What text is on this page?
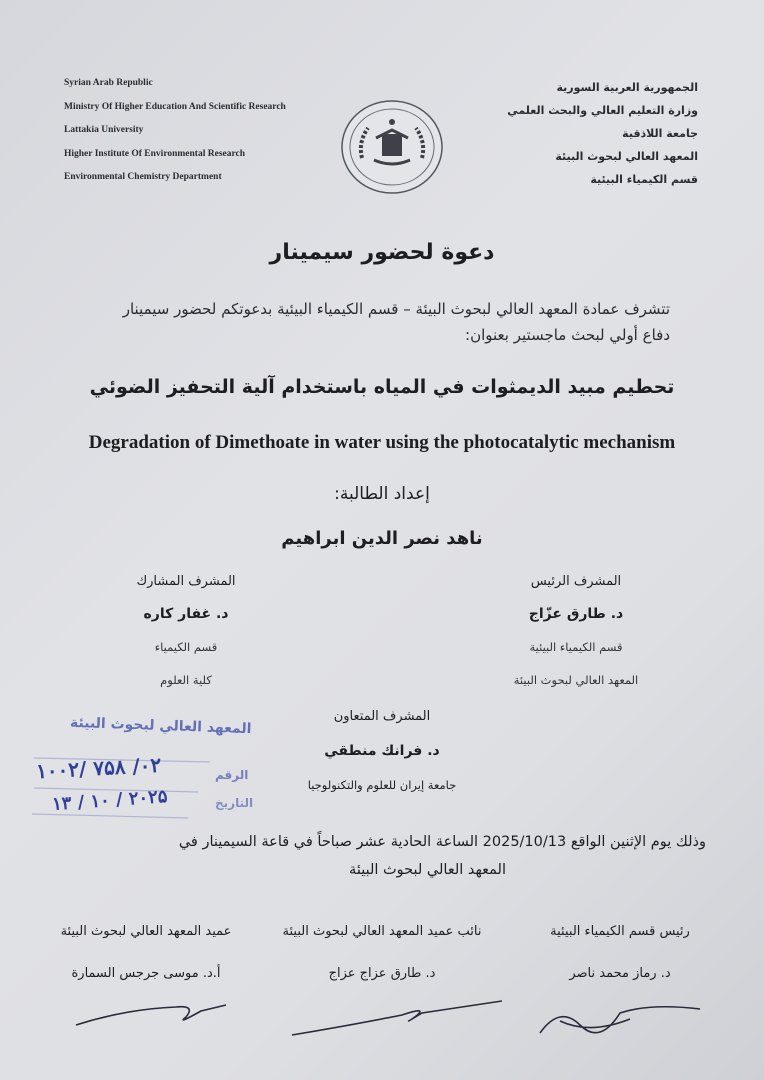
Syrian Arab Republic
Ministry Of Higher Education And Scientific Research
Lattakia University
Higher Institute Of Environmental Research
Environmental Chemistry Department
الجمهورية العربية السورية
وزارة التعليم العالي والبحث العلمي
جامعة اللاذقية
المعهد العالي لبحوث البيئة
قسم الكيمياء البيئية
دعوة لحضور سيمينار
تتشرف عمادة المعهد العالي لبحوث البيئة – قسم الكيمياء البيئية بدعوتكم لحضور سيمينار
دفاع أولي لبحث ماجستير بعنوان:
تحطيم مبيد الديمثوات في المياه باستخدام آلية التحفيز الضوئي
Degradation of Dimethoate in water using the photocatalytic mechanism
إعداد الطالبة:
ناهد نصر الدين ابراهيم
المشرف الرئيس
د. طارق عزّاج
قسم الكيمياء البيئية
المعهد العالي لبحوث البيئة
المشرف المشارك
د. غفار كاره
قسم الكيمياء
كلية العلوم
المشرف المتعاون
د. فرانك منطقي
جامعة إيران للعلوم والتكنولوجيا
المعهد العالي لبحوث البيئة
الرقم
التاريخ
۱۰۰۲/ ۷۵۸ /۰۲
۱۳ / ۱۰ / ۲۰۲۵
وذلك يوم الإثنين الواقع 2025/10/13 الساعة الحادية عشر صباحاً في قاعة السيمينار في
المعهد العالي لبحوث البيئة
رئيس قسم الكيمياء البيئية
د. رماز محمد ناصر
نائب عميد المعهد العالي لبحوث البيئة
د. طارق عزاج عزاج
عميد المعهد العالي لبحوث البيئة
أ.د. موسى جرجس السمارة
